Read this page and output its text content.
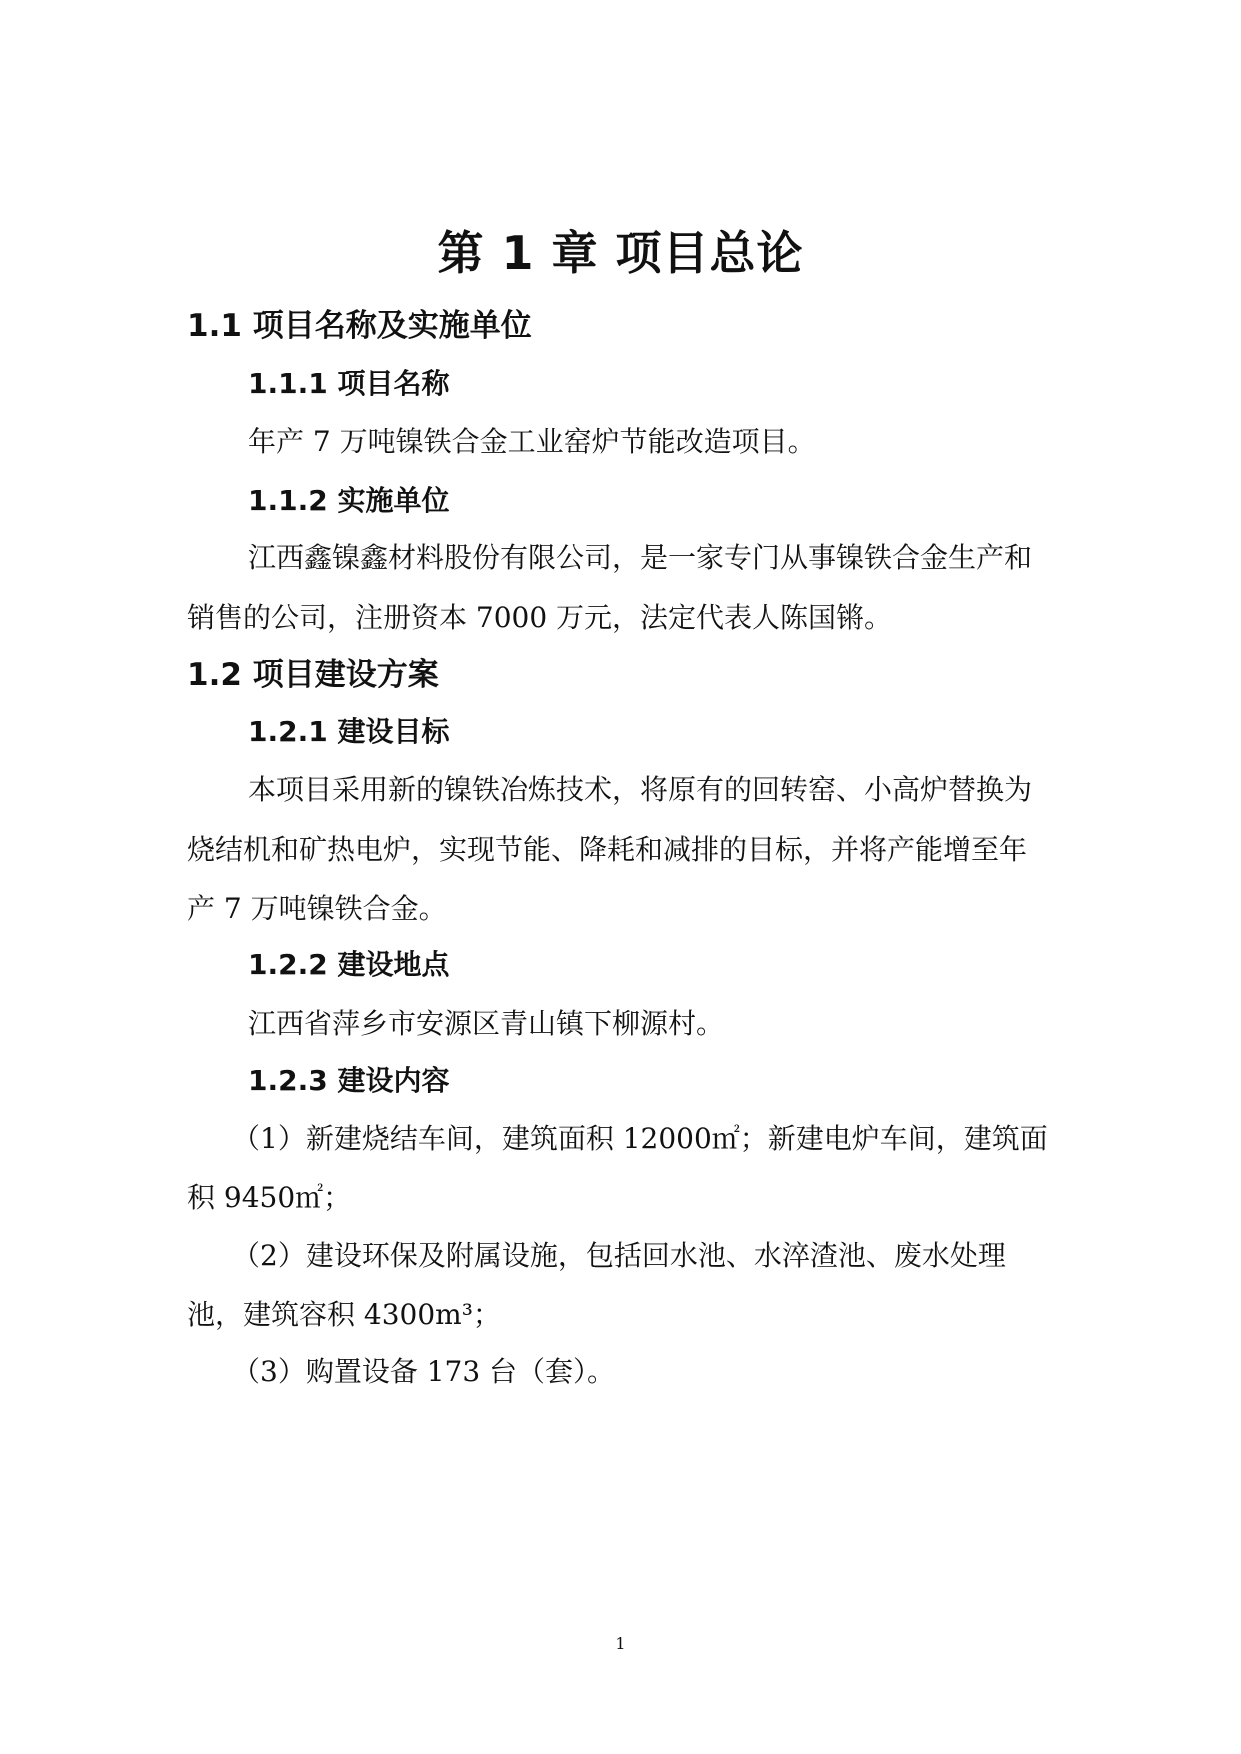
第 1 章 项目总论
1.1 项目名称及实施单位
1.1.1 项目名称
年产 7 万吨镍铁合金工业窑炉节能改造项目。
1.1.2 实施单位
江西鑫镍鑫材料股份有限公司，是一家专门从事镍铁合金生产和
销售的公司，注册资本 7000 万元，法定代表人陈国锵。
1.2 项目建设方案
1.2.1 建设目标
本项目采用新的镍铁冶炼技术，将原有的回转窑、小高炉替换为
烧结机和矿热电炉，实现节能、降耗和减排的目标，并将产能增至年
产 7 万吨镍铁合金。
1.2.2 建设地点
江西省萍乡市安源区青山镇下柳源村。
1.2.3 建设内容
（1）新建烧结车间，建筑面积 12000㎡；新建电炉车间，建筑面
积 9450㎡；
（2）建设环保及附属设施，包括回水池、水淬渣池、废水处理
池，建筑容积 4300m³；
（3）购置设备 173 台（套）。
1
